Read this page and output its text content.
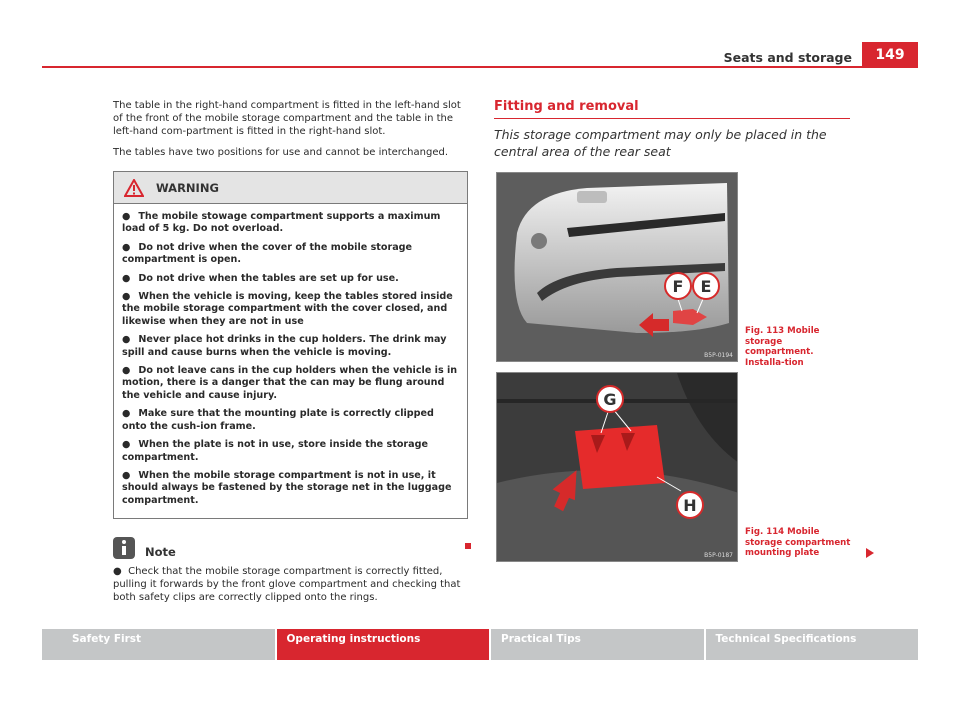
Seats and storage	149

The table in the right-hand compartment is fitted in the left-hand slot of the front of the mobile storage compartment and the table in the left-hand com-partment is fitted in the right-hand slot.

The tables have two positions for use and cannot be interchanged.

WARNING

● The mobile stowage compartment supports a maximum load of 5 kg. Do not overload.

● Do not drive when the cover of the mobile storage compartment is open.

● Do not drive when the tables are set up for use.

● When the vehicle is moving, keep the tables stored inside the mobile storage compartment with the cover closed, and likewise when they are not in use

● Never place hot drinks in the cup holders. The drink may spill and cause burns when the vehicle is moving.

● Do not leave cans in the cup holders when the vehicle is in motion, there is a danger that the can may be flung around the vehicle and cause injury.

● Make sure that the mounting plate is correctly clipped onto the cush-ion frame.

● When the plate is not in use, store inside the storage compartment.

● When the mobile storage compartment is not in use, it should always be fastened by the storage net in the luggage compartment.

Note

● Check that the mobile storage compartment is correctly fitted, pulling it forwards by the front glove compartment and checking that both safety clips are correctly clipped onto the rings.

Fitting and removal
This storage compartment may only be placed in the central area of the rear seat
F E
B5P-0194
Fig. 113 Mobile storage compartment. Installa-tion
G
H
B5P-0187
Fig. 114 Mobile storage compartment mounting plate
Safety First	Operating instructions	Practical Tips	Technical Specifications
